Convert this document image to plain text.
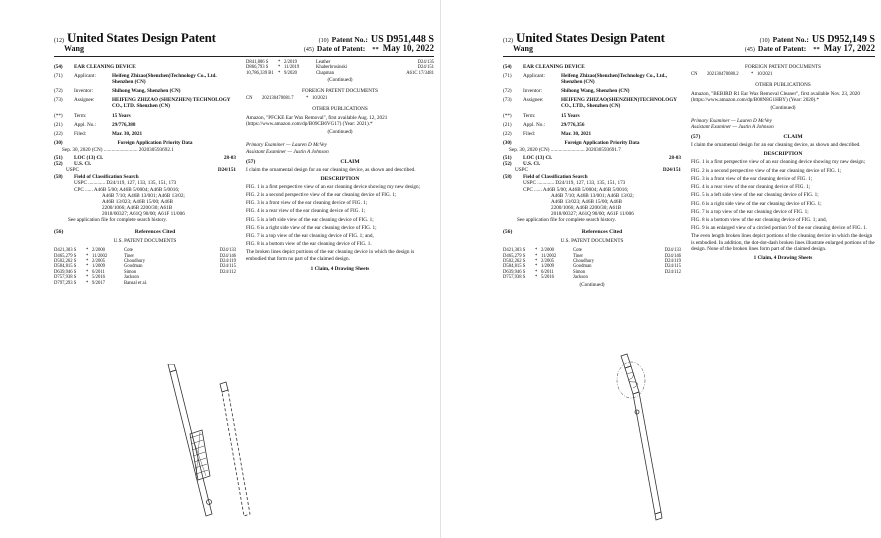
(12) United States Design Patent	(10) Patent No.: US D951,448 S
Wang	(45) Date of Patent: ** May 10, 2022
(54)	EAR CLEANING DEVICE
(71)	Applicant:	Heifeng Zhizao(Shenzhen)Technology Co., Ltd. Shenzhen (CN)
(72)	Inventor:	Shihong Wang, Shenzhen (CN)
(73)	Assignee:	HEIFENG ZHIZAO (SHENZHEN) TECHNOLOGY CO., LTD. Shenzhen (CN)
(**)	Term:	15 Years
(21)	Appl. No.:	29/776,388
(22)	Filed:	Mar. 30, 2021
(30)	Foreign Application Priority Data
Sep. 30, 2020 (CN) .......................... 202030593692.1
(51)	LOC (13) Cl.	28-03
(52)	U.S. Cl.
USPC	D24/151
(58)	Field of Classification Search
USPC ............. D24/119, 127, 133, 135, 151, 173
CPC ...... A46B 5/00; A46B 5/0004; A46B 5/0016;
A46B 7/10; A46B 13/001; A46B 13/02;
A46B 13/023; A46B 15/00; A46B
2200/1066; A46B 2200/30; A61B
2018/00327; A61Q 90/00; A61F 11/006
See application file for complete search history.
(56)	References Cited
U.S. PATENT DOCUMENTS
D421,303 S	* 2/2000	Cote	D24/133
D465,279 S	* 11/2002	Tiner	D24/146
D502,262 S	* 2/2005	Choudhury	D24/119
D584,815 S	* 1/2009	Goodman	D24/115
D639,946 S	* 6/2011	Simon	D24/112
D757,938 S	* 5/2016	Jackson
D797,293 S	* 9/2017	Bansal et al.
D841,806 S	* 2/2019	Leather	D24/135
D866,793 S	* 11/2019	Khaberbrosinski	D24/151
10,786,339 B1 * 9/2020	Chapman	A61C 17/3481
(Continued)
FOREIGN PATENT DOCUMENTS
CN	202130470081.7	* 10/2021
OTHER PUBLICATIONS
Amazon, "PFCKE Ear Wax Removal", first available Aug. 12, 2021 (https://www.amazon.com/dp/B09CB6VG17) (Year: 2021).*
(Continued)
Primary Examiner — Lauren D McVey
Assistant Examiner — Justin A Johnson
(57)	CLAIM
I claim the ornamental design for an ear cleaning device, as shown and described.
DESCRIPTION
FIG. 1 is a first perspective view of an ear cleaning device showing my new design;
FIG. 2 is a second perspective view of the ear cleaning device of FIG. 1;
FIG. 3 is a front view of the ear cleaning device of FIG. 1;
FIG. 4 is a rear view of the ear cleaning device of FIG. 1;
FIG. 5 is a left side view of the ear cleaning device of FIG. 1;
FIG. 6 is a right side view of the ear cleaning device of FIG. 1;
FIG. 7 is a top view of the ear cleaning device of FIG. 1; and,
FIG. 8 is a bottom view of the ear cleaning device of FIG. 1.
The broken lines depict portions of the ear cleaning device in which the design is embodied that form no part of the claimed design.
1 Claim, 4 Drawing Sheets
(12) United States Design Patent	(10) Patent No.: US D952,149 S
Wang	(45) Date of Patent: ** May 17, 2022
(54)	EAR CLEANING DEVICE
(71)	Applicant:	Heifeng Zhizao(Shenzhen)Technology Co., Ltd., Shenzhen (CN)
(72)	Inventor:	Shihong Wang, Shenzhen (CN)
(73)	Assignee:	HEIFENG ZHIZAO(SHENZHEN)TECHNOLOGY CO., LTD., Shenzhen (CN)
(**)	Term:	15 Years
(21)	Appl. No.:	29/776,356
(22)	Filed:	Mar. 30, 2021
(30)	Foreign Application Priority Data
Sep. 30, 2020 (CN) .......................... 202030593691.7
(51)	LOC (13) Cl.	28-03
(52)	U.S. Cl.
USPC	D24/151
(58)	Field of Classification Search
USPC ............. D24/119, 127, 133, 135, 151, 173
CPC ...... A46B 5/00; A46B 5/0004; A46B 5/0016;
A46B 7/10; A46B 13/001; A46B 13/02;
A46B 13/023; A46B 15/00; A46B
2200/1066; A46B 2200/30; A61B
2018/00327; A61Q 90/00; A61F 11/006
See application file for complete search history.
(56)	References Cited
U.S. PATENT DOCUMENTS
D421,303 S	* 2/2000	Cote	D24/133
D465,279 S	* 11/2002	Tiner	D24/146
D502,262 S	* 2/2005	Choudhury	D24/119
D584,815 S	* 1/2009	Goodman	D24/115
D639,946 S	* 6/2011	Simon	D24/112
D757,938 S	* 5/2016	Jackson
(Continued)
FOREIGN PATENT DOCUMENTS
CN	202130470080.2	* 10/2021
OTHER PUBLICATIONS
Amazon, "BEBIRD R1 Ear Wax Removal Cleaner", first available Nov. 23, 2020 (https://www.amazon.com/dp/B08N8G1HBY) (Year: 2020).*
(Continued)
Primary Examiner — Lauren D McVey
Assistant Examiner — Justin A Johnson
(57)	CLAIM
I claim the ornamental design for an ear cleaning device, as shown and described.
DESCRIPTION
FIG. 1 is a first perspective view of an ear cleaning device showing my new design;
FIG. 2 is a second perspective view of the ear cleaning device of FIG. 1;
FIG. 3 is a front view of the ear cleaning device of FIG. 1;
FIG. 4 is a rear view of the ear cleaning device of FIG. 1;
FIG. 5 is a left side view of the ear cleaning device of FIG. 1;
FIG. 6 is a right side view of the ear cleaning device of FIG. 1;
FIG. 7 is a top view of the ear cleaning device of FIG. 1;
FIG. 8 is a bottom view of the ear cleaning device of FIG. 1; and,
FIG. 9 is an enlarged view of a circled portion 9 of the ear cleaning device of FIG. 1.
The even length broken lines depict portions of the cleaning device in which the design is embodied. In addition, the dot-dot-dash broken lines illustrate enlarged portions of the design. None of the broken lines form part of the claimed design.
1 Claim, 4 Drawing Sheets
